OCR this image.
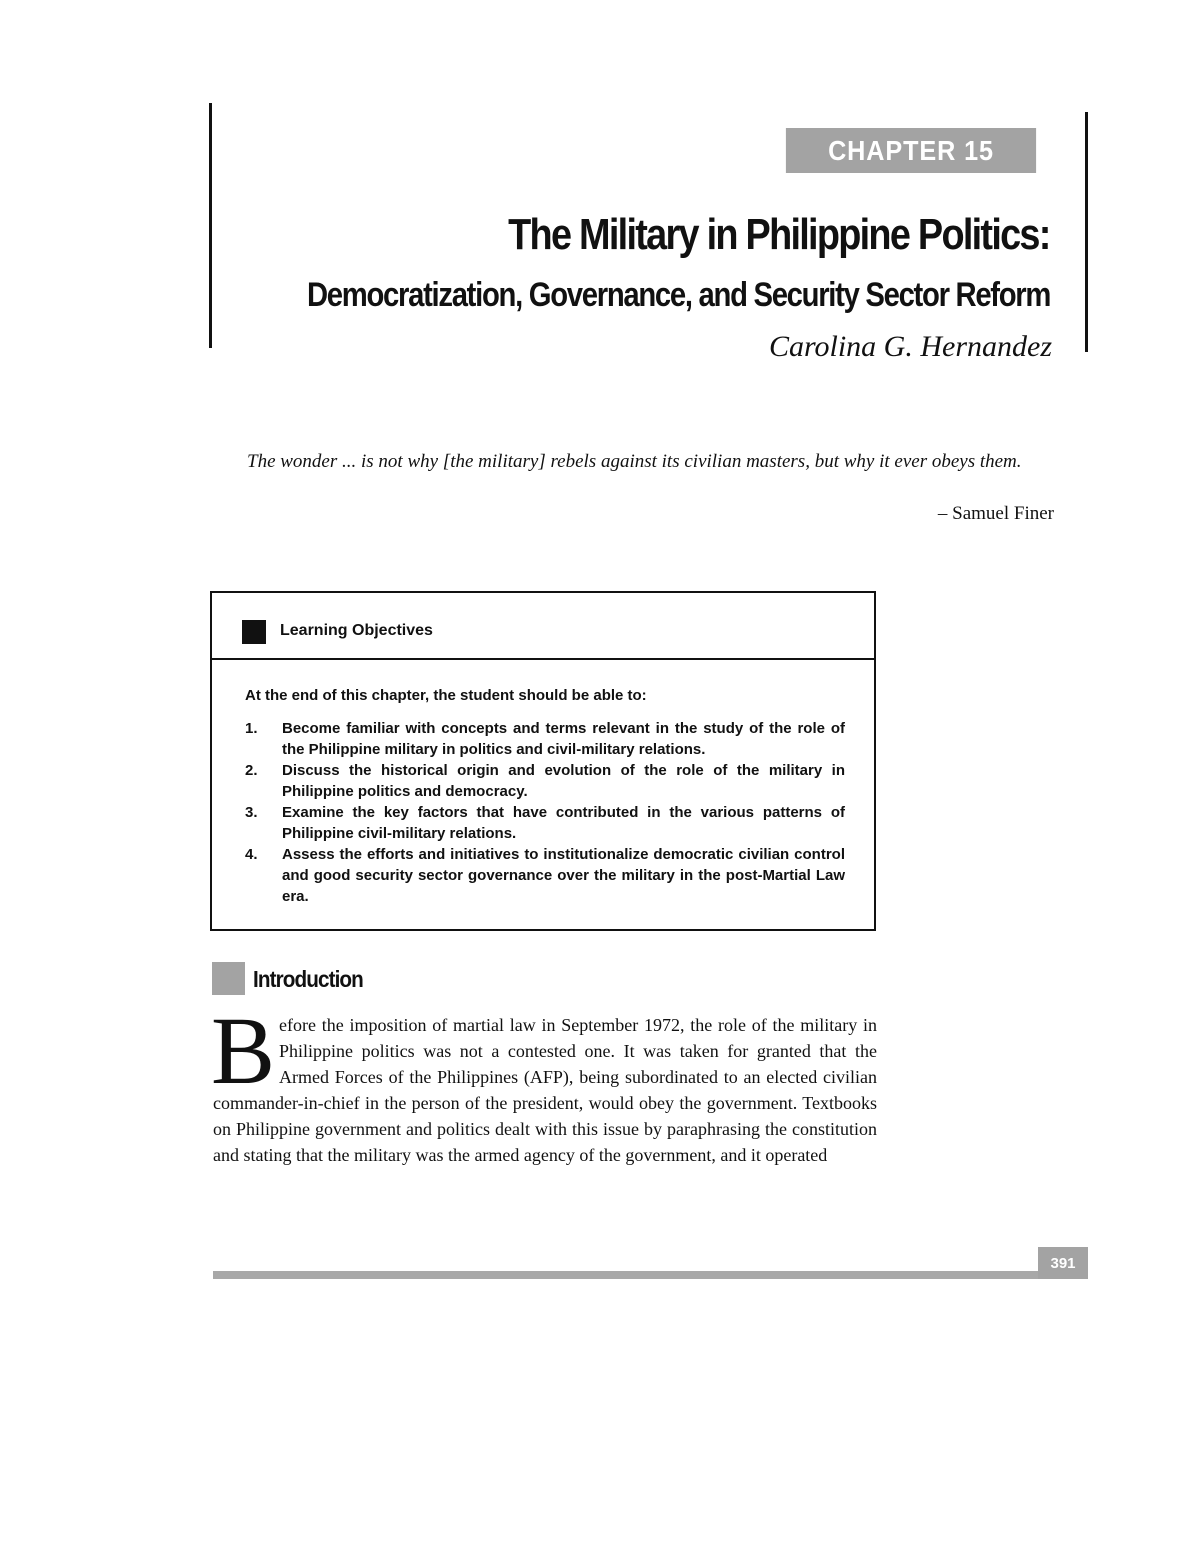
CHAPTER 15
The Military in Philippine Politics:
Democratization, Governance, and Security Sector Reform
Carolina G. Hernandez
The wonder ... is not why [the military] rebels against its civilian masters, but why it ever obeys them.
– Samuel Finer
Learning Objectives
At the end of this chapter, the student should be able to:
1. Become familiar with concepts and terms relevant in the study of the role of the Philippine military in politics and civil-military relations.
2. Discuss the historical origin and evolution of the role of the military in Philippine politics and democracy.
3. Examine the key factors that have contributed in the various patterns of Philippine civil-military relations.
4. Assess the efforts and initiatives to institutionalize democratic civilian control and good security sector governance over the military in the post-Martial Law era.
Introduction

Before the imposition of martial law in September 1972, the role of the military in Philippine politics was not a contested one. It was taken for granted that the Armed Forces of the Philippines (AFP), being subordinated to an elected civilian commander-in-chief in the person of the president, would obey the government. Textbooks on Philippine government and politics dealt with this issue by paraphrasing the constitution and stating that the military was the armed agency of the government, and it operated

391
